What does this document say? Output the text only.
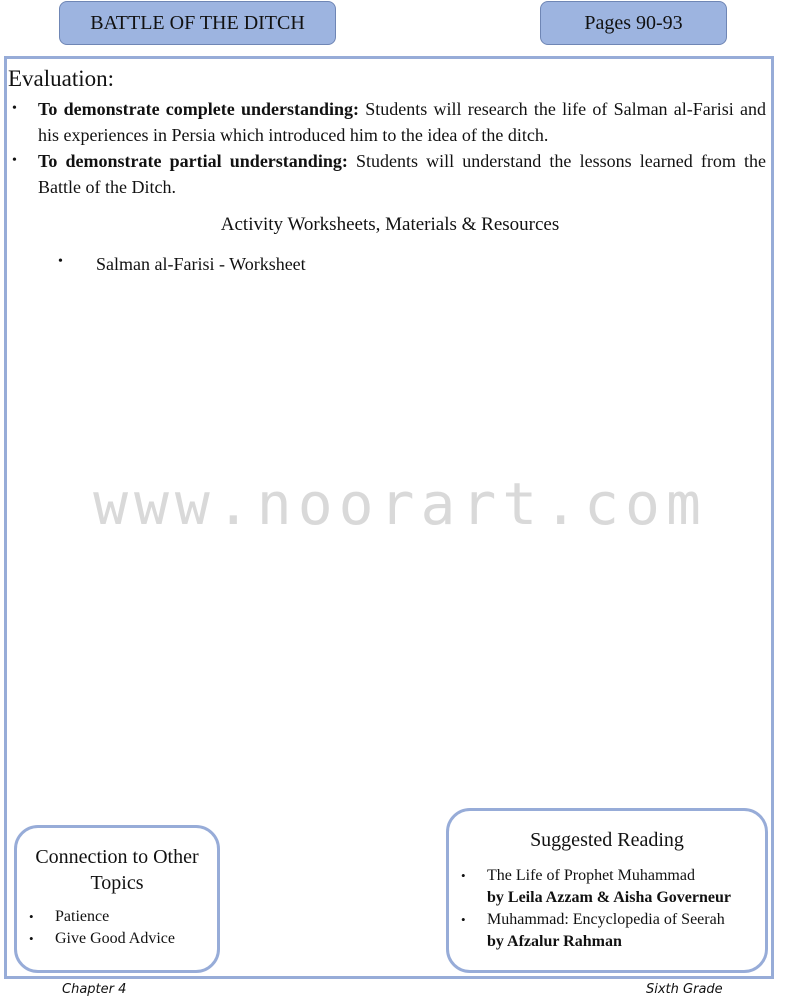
BATTLE OF THE DITCH	Pages 90-93
www.noorart.com
Evaluation:
• To demonstrate complete understanding: Students will research the life of Salman al-Farisi and his experiences in Persia which introduced him to the idea of the ditch.
• To demonstrate partial understanding: Students will understand the lessons learned from the Battle of the Ditch.
Activity Worksheets, Materials & Resources
• Salman al-Farisi - Worksheet
Connection to Other Topics
• Patience
• Give Good Advice
Suggested Reading
• The Life of Prophet Muhammad
by Leila Azzam & Aisha Governeur
• Muhammad: Encyclopedia of Seerah
by Afzalur Rahman
Chapter 4	Sixth Grade
